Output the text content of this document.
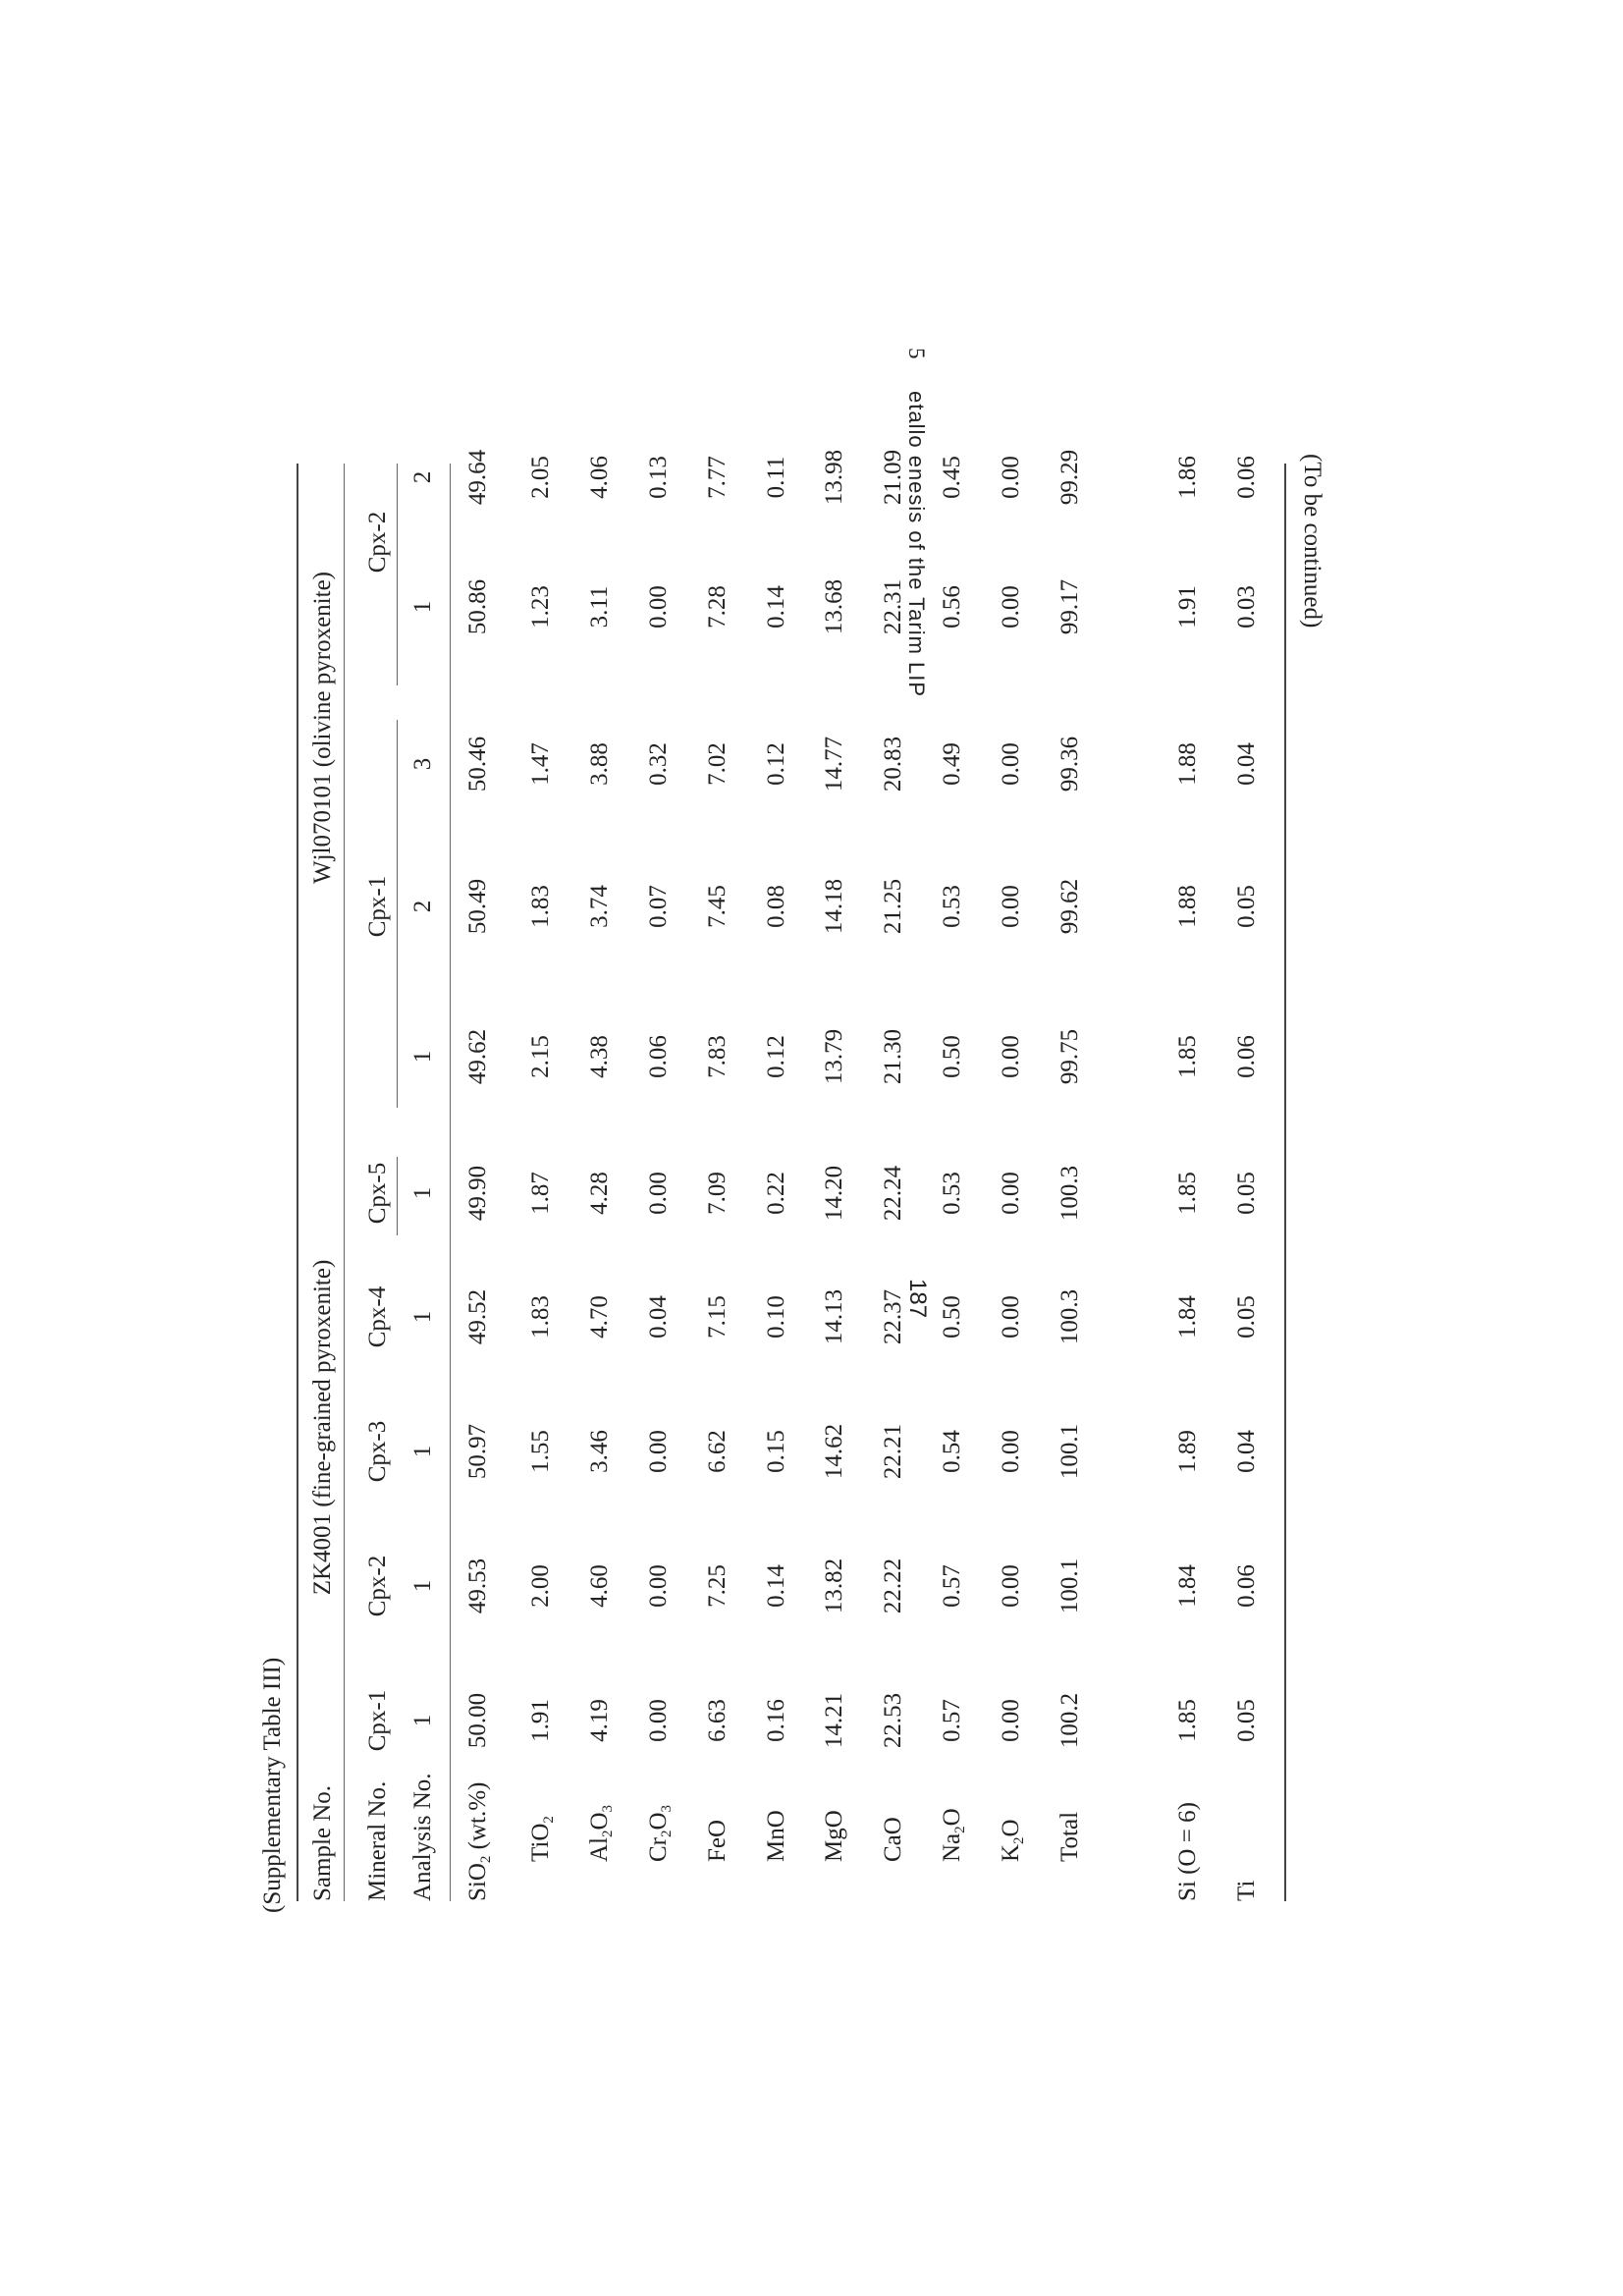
5
etallo enesis of the Tarim LIP
187
(Supplementary Table III) Sample No.
ZK4001 (fine-grained pyroxenite)
Wjl070101 (olivine pyroxenite)
Mineral No.
Cpx-1
Cpx-2
Cpx-3
Cpx-4
Cpx-5
Cpx-1
Cpx-2
Analysis No.
1
1
1
1
1
1
2
3
1
2
SiO$_2$ (wt.%)
50.00
49.53
50.97
49.52
49.90
49.62
50.49
50.46
50.86
49.64
TiO$_2$
1.91
2.00
1.55
1.83
1.87
2.15
1.83
1.47
1.23
2.05
$Al_2O_3$
4.19
4.60
3.46
4.70
4.28
4.38
3.74
3.88
3.11
4.06
$Cr_2O_3$
0.00
0.00
0.00
0.04
0.00
0.06
0.07
0.32
0.00
0.13
FeO
6.63
7.25
6.62
7.15
7.09
7.83
7.45
7.02
7.28
7.77
MnO
0.16
0.14
0.15
0.10
0.22
0.12
0.08
0.12
0.14
0.11
MgO
14.21
13.82
14.62
14.13
14.20
13.79
14.18
14.77
13.68
13.98
CaO
22.53
22.22
22.21
22.37
22.24
21.30
21.25
20.83
22.31
21.09
$Na_2O$
0.57
0.57
0.54
0.50
0.53
0.50
0.53
0.49
0.56
0.45
$K_2O$
0.00
0.00
0.00
0.00
0.00
0.00
0.00
0.00
0.00
0.00
Total
100.2
100.1
100.1
100.3
100.3
99.75
99.62
99.36
99.17
99.29
Si (O = 6)
1.85
1.84
1.89
1.84
1.85
1.85
1.88
1.88
1.91
1.86
Ti
0.05
0.06
0.04
0.05
0.05
0.06
0.05
0.04
0.03
0.06 (To be continued)
